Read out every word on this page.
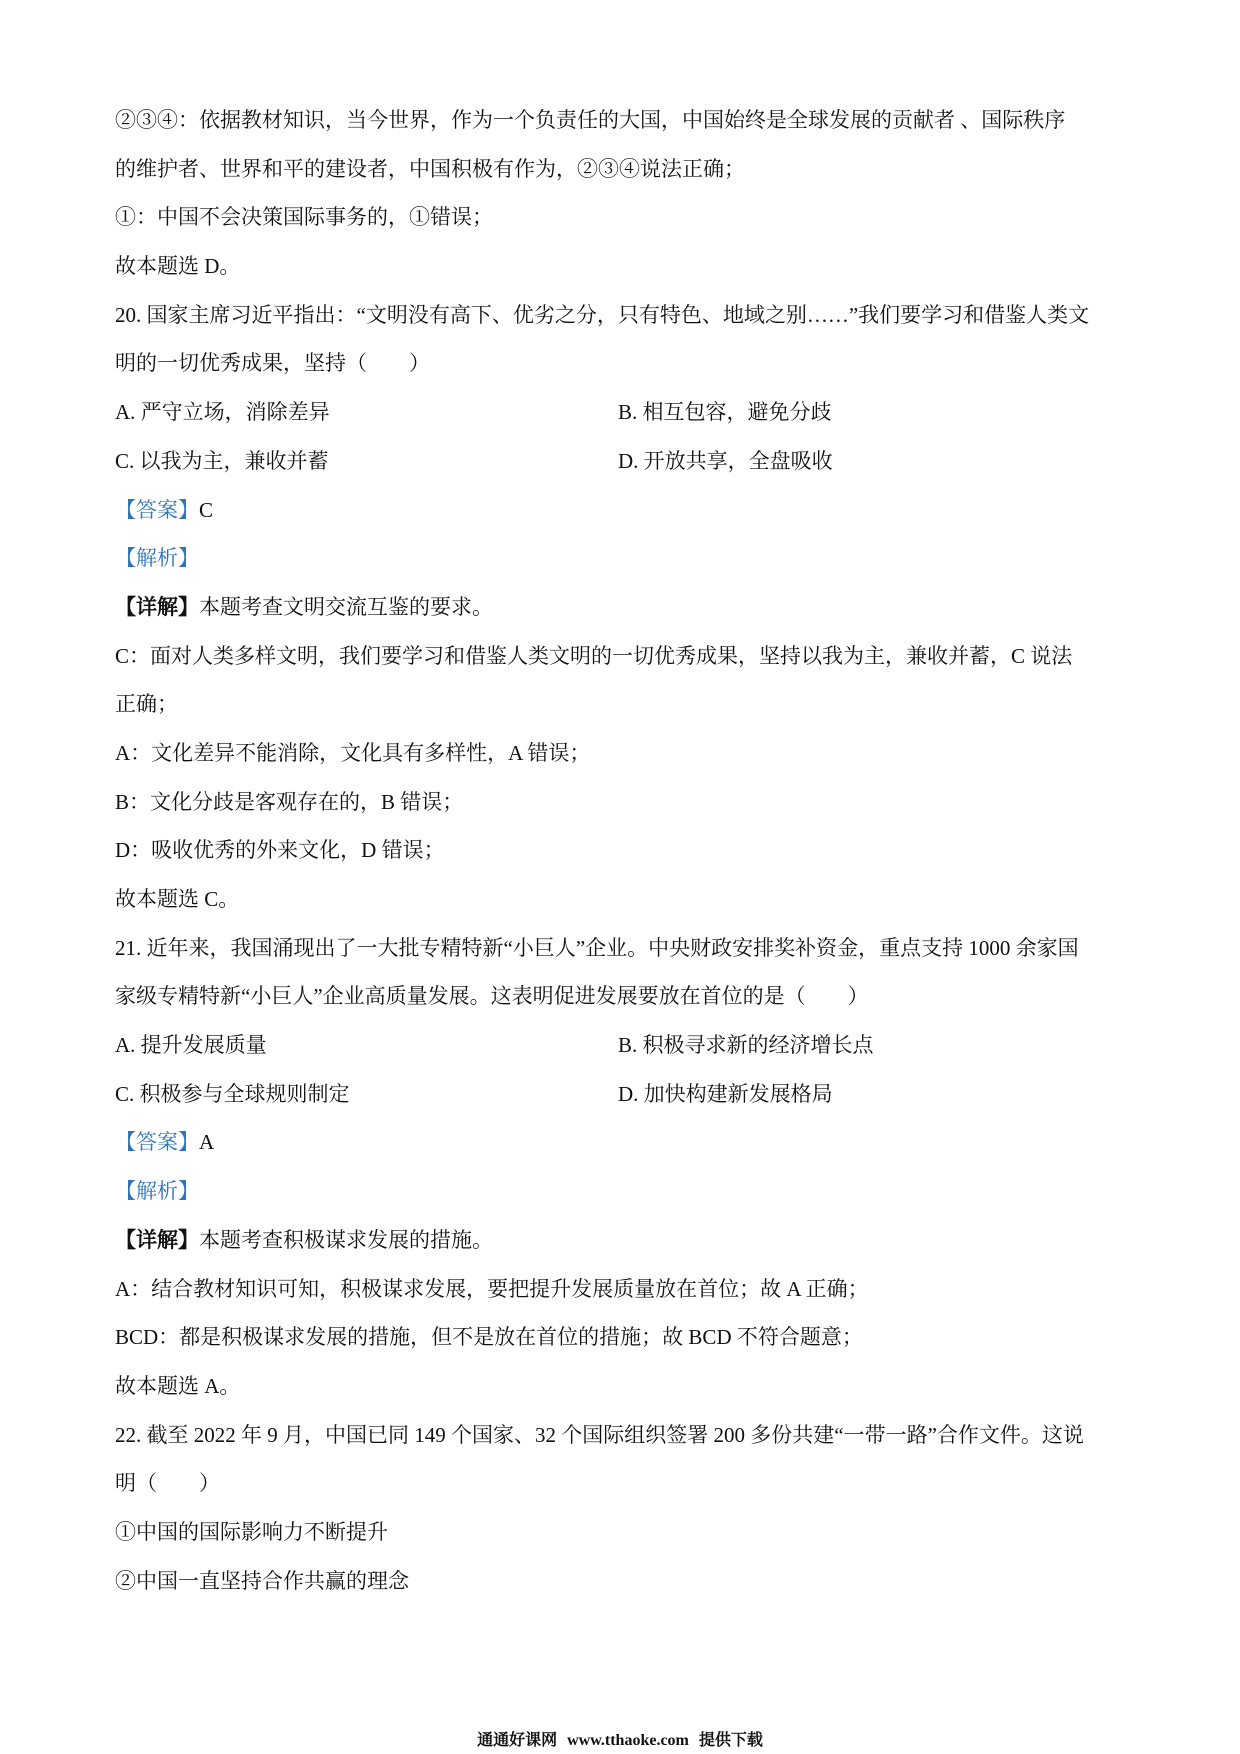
②③④：依据教材知识，当今世界，作为一个负责任的大国，中国始终是全球发展的贡献者 、国际秩序
的维护者、世界和平的建设者，中国积极有作为，②③④说法正确；
①：中国不会决策国际事务的，①错误；
故本题选 D。
20. 国家主席习近平指出：“文明没有高下、优劣之分，只有特色、地域之别……”我们要学习和借鉴人类文
明的一切优秀成果，坚持（　　）
A. 严守立场，消除差异	B. 相互包容，避免分歧
C. 以我为主，兼收并蓄	D. 开放共享，全盘吸收
【答案】C
【解析】
【详解】本题考查文明交流互鉴的要求。
C：面对人类多样文明，我们要学习和借鉴人类文明的一切优秀成果，坚持以我为主，兼收并蓄，C 说法
正确；
A：文化差异不能消除，文化具有多样性，A 错误；
B：文化分歧是客观存在的，B 错误；
D：吸收优秀的外来文化，D 错误；
故本题选 C。
21. 近年来，我国涌现出了一大批专精特新“小巨人”企业。中央财政安排奖补资金，重点支持 1000 余家国
家级专精特新“小巨人”企业高质量发展。这表明促进发展要放在首位的是（　　）
A. 提升发展质量	B. 积极寻求新的经济增长点
C. 积极参与全球规则制定	D. 加快构建新发展格局
【答案】A
【解析】
【详解】本题考查积极谋求发展的措施。
A：结合教材知识可知，积极谋求发展，要把提升发展质量放在首位；故 A 正确；
BCD：都是积极谋求发展的措施，但不是放在首位的措施；故 BCD 不符合题意；
故本题选 A。
22. 截至 2022 年 9 月，中国已同 149 个国家、32 个国际组织签署 200 多份共建“一带一路”合作文件。这说
明（　　）
①中国的国际影响力不断提升
②中国一直坚持合作共赢的理念
通通好课网 www.tthaoke.com 提供下载
